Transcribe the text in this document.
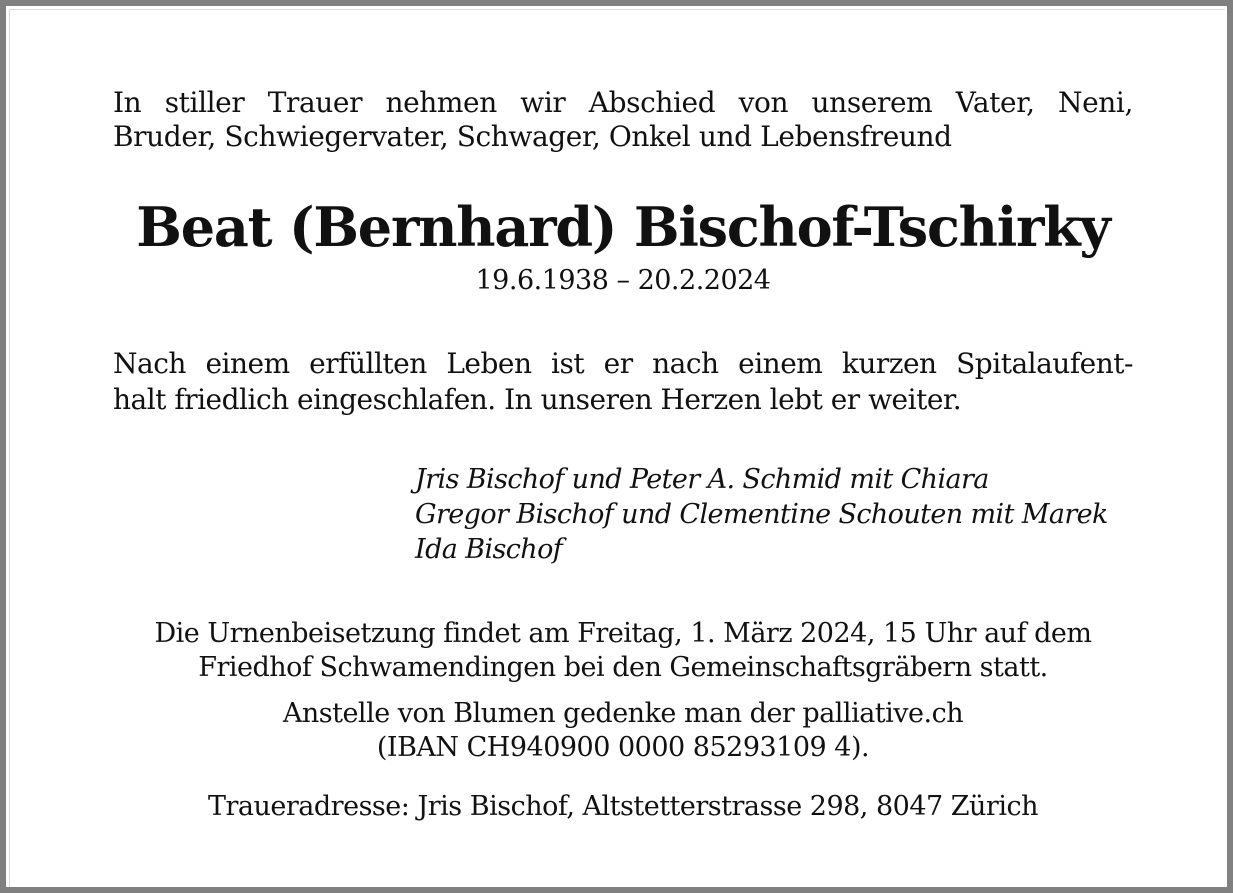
In stiller Trauer nehmen wir Abschied von unserem Vater, Neni,
Bruder, Schwiegervater, Schwager, Onkel und Lebensfreund
Beat (Bernhard) Bischof-Tschirky
19.6.1938 – 20.2.2024
Nach einem erfüllten Leben ist er nach einem kurzen Spitalaufent-
halt friedlich eingeschlafen. In unseren Herzen lebt er weiter.
Jris Bischof und Peter A. Schmid mit Chiara
Gregor Bischof und Clementine Schouten mit Marek
Ida Bischof
Die Urnenbeisetzung findet am Freitag, 1. März 2024, 15 Uhr auf dem
Friedhof Schwamendingen bei den Gemeinschaftsgräbern statt.
Anstelle von Blumen gedenke man der palliative.ch
(IBAN CH940900 0000 85293109 4).
Traueradresse: Jris Bischof, Altstetterstrasse 298, 8047 Zürich
